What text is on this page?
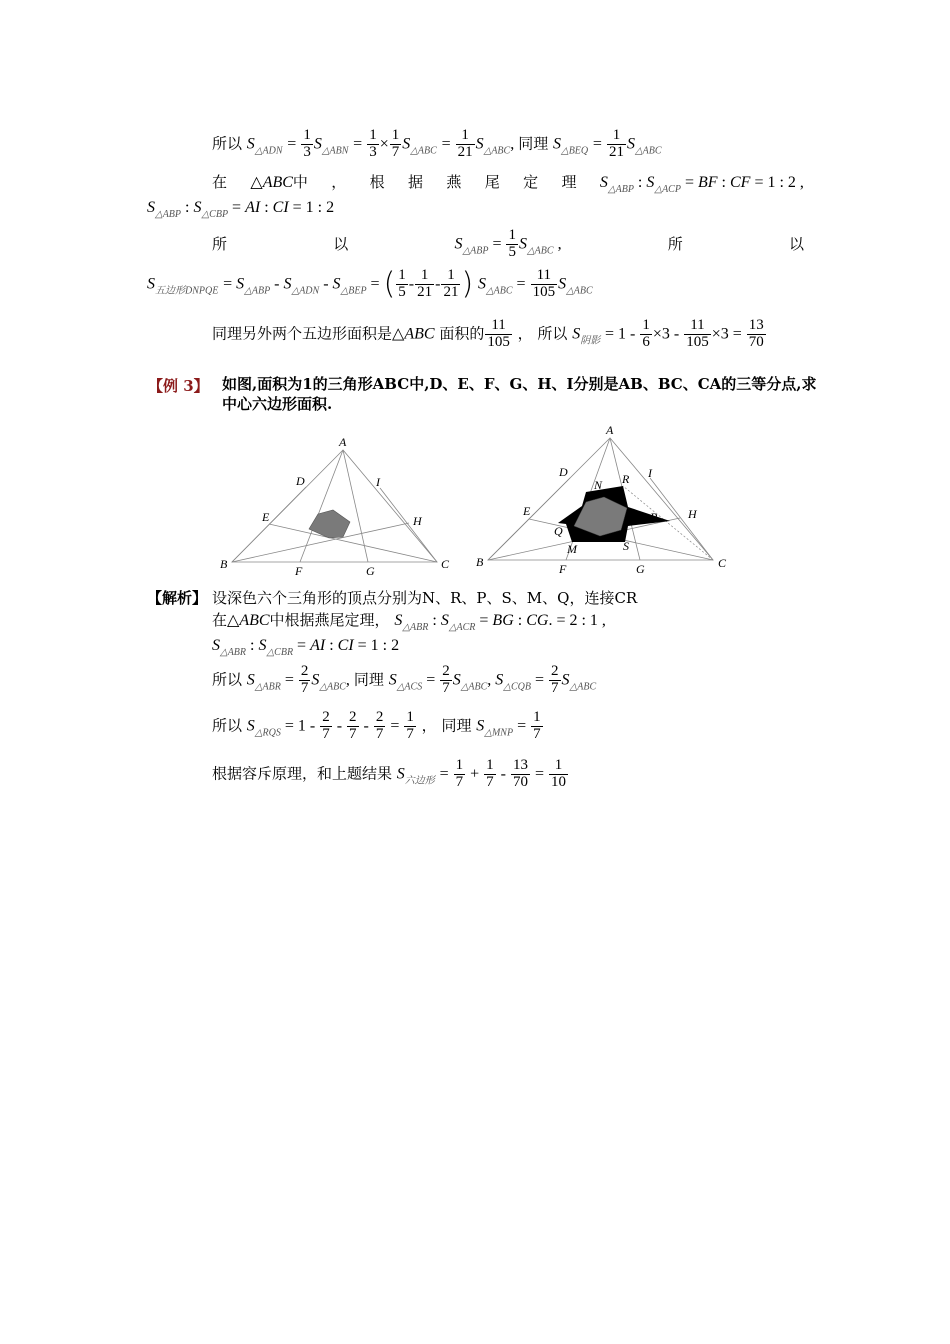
所以 $S_{\triangle ADN} = \frac{1}{3} S_{\triangle ABN} = \frac{1}{3} \times \frac{1}{7} S_{\triangle ABC} = \frac{1}{21} S_{\triangle ABC}$, 同理 $S_{\triangle BEQ} = \frac{1}{21} S_{\triangle ABC}$
在 △ABC中 ， 根 据 燕 尾 定 理 $S_{\triangle ABP}$ : $S_{\triangle ACP}$ = BF : CF = 1 : 2 ,
$S_{\triangle ABP}$ : $S_{\triangle CBP}$ = AI : CI = 1 : 2
所	以	$S_{\triangle ABP} = \frac{1}{5} S_{\triangle ABC}$ ,	所	以
$S_{五边形DNPQE} = S_{\triangle ABP} - S_{\triangle ADN} - S_{\triangle BEP}$ = ( $\frac{1}{5} - \frac{1}{21} - \frac{1}{21}$ ) $S_{\triangle ABC} = \frac{11}{105} S_{\triangle ABC}$
同理另外两个五边形面积是△ABC 面积的 $\frac{11}{105}$ ， 所以 $S_{阴影} = 1 - \frac{1}{6} \times 3 - \frac{11}{105} \times 3 = \frac{13}{70}$
【例 3】 如图,面积为1的三角形ABC中,D、E、F、G、H、I分别是AB、BC、CA的三等分点,求
中心六边形面积.
A
D	I
E	H
B	C
F	G
A
D	I
N R
E	H
P
Q
M	S
B	C
F	G
【解析】 设深色六个三角形的顶点分别为N、R、P、S、M、Q，连接CR
在△ABC中根据燕尾定理， $S_{\triangle ABR}$ : $S_{\triangle ACR}$ = BG : CG. = 2 : 1 ,
$S_{\triangle ABR}$ : $S_{\triangle CBR}$ = AI : CI = 1 : 2
所以 $S_{\triangle ABR} = \frac{2}{7} S_{\triangle ABC}$, 同理 $S_{\triangle ACS} = \frac{2}{7} S_{\triangle ABC}$, $S_{\triangle CQB} = \frac{2}{7} S_{\triangle ABC}$
所以 $S_{\triangle RQS} = 1 - \frac{2}{7} - \frac{2}{7} - \frac{2}{7} = \frac{1}{7}$ ， 同理 $S_{\triangle MNP} = \frac{1}{7}$
根据容斥原理，和上题结果 $S_{六边形} = \frac{1}{7} + \frac{1}{7} - \frac{13}{70} = \frac{1}{10}$
